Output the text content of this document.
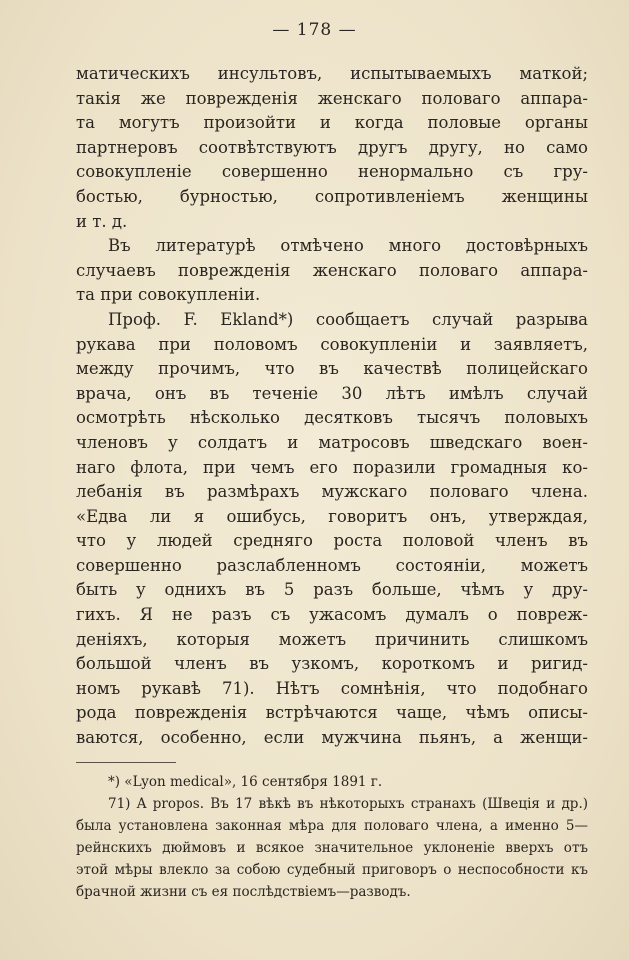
— 178 —
матическихъ инсультовъ, испытываемыхъ маткой;
такія же поврежденія женскаго половаго аппара-
та могутъ произойти и когда половые органы
партнеровъ соотвѣтствуютъ другъ другу, но само
совокупленіе совершенно ненормально съ гру-
бостью, бурностью, сопротивленіемъ женщины
и т. д.
Въ литературѣ отмѣчено много достовѣрныхъ
случаевъ поврежденія женскаго половаго аппара-
та при совокупленіи.
Проф. F. Ekland*) сообщаетъ случай разрыва
рукава при половомъ совокупленіи и заявляетъ,
между прочимъ, что въ качествѣ полицейскаго
врача, онъ въ теченіе 30 лѣтъ имѣлъ случай
осмотрѣть нѣсколько десятковъ тысячъ половыхъ
членовъ у солдатъ и матросовъ шведскаго воен-
наго флота, при чемъ его поразили громадныя ко-
лебанія въ размѣрахъ мужскаго половаго члена.
«Едва ли я ошибусь, говоритъ онъ, утверждая,
что у людей средняго роста половой членъ въ
совершенно разслабленномъ состояніи, можетъ
быть у однихъ въ 5 разъ больше, чѣмъ у дру-
гихъ. Я не разъ съ ужасомъ думалъ о повреж-
деніяхъ, которыя можетъ причинить слишкомъ
большой членъ въ узкомъ, короткомъ и ригид-
номъ рукавѣ 71). Нѣтъ сомнѣнія, что подобнаго
рода поврежденія встрѣчаются чаще, чѣмъ описы-
ваются, особенно, если мужчина пьянъ, а женщи-
*) «Lyon medical», 16 сентября 1891 г.
71) A propos. Въ 17 вѣкѣ въ нѣкоторыхъ странахъ (Швеція и др.)
была установлена законная мѣра для половаго члена, а именно 5—
рейнскихъ дюймовъ и всякое значительное уклоненіе вверхъ отъ
этой мѣры влекло за собою судебный приговоръ о неспособности къ
брачной жизни съ ея послѣдствіемъ—разводъ.
